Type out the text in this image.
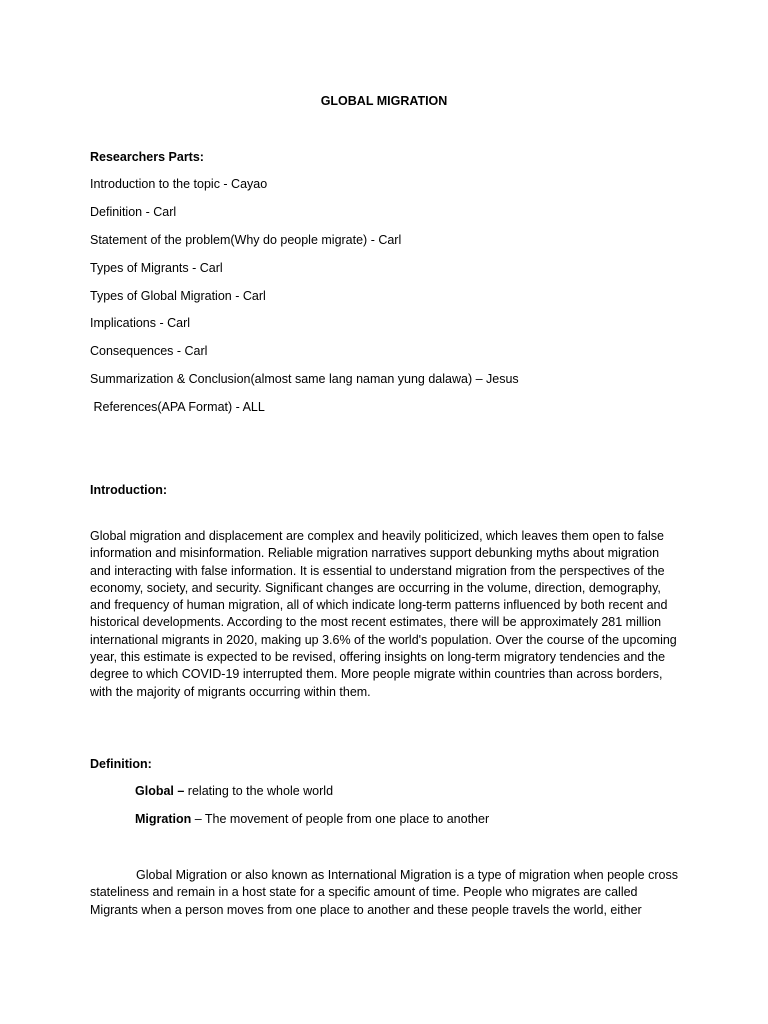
GLOBAL MIGRATION
Researchers Parts:
Introduction to the topic - Cayao
Definition - Carl
Statement of the problem(Why do people migrate) - Carl
Types of Migrants - Carl
Types of Global Migration - Carl
Implications - Carl
Consequences - Carl
Summarization & Conclusion(almost same lang naman yung dalawa) – Jesus
References(APA Format) - ALL
Introduction:
Global migration and displacement are complex and heavily politicized, which leaves them open to false information and misinformation. Reliable migration narratives support debunking myths about migration and interacting with false information. It is essential to understand migration from the perspectives of the economy, society, and security. Significant changes are occurring in the volume, direction, demography, and frequency of human migration, all of which indicate long-term patterns influenced by both recent and historical developments. According to the most recent estimates, there will be approximately 281 million international migrants in 2020, making up 3.6% of the world's population. Over the course of the upcoming year, this estimate is expected to be revised, offering insights on long-term migratory tendencies and the degree to which COVID-19 interrupted them. More people migrate within countries than across borders, with the majority of migrants occurring within them.
Definition:
Global – relating to the whole world
Migration – The movement of people from one place to another
Global Migration or also known as International Migration is a type of migration when people cross stateliness and remain in a host state for a specific amount of time. People who migrates are called Migrants when a person moves from one place to another and these people travels the world, either
